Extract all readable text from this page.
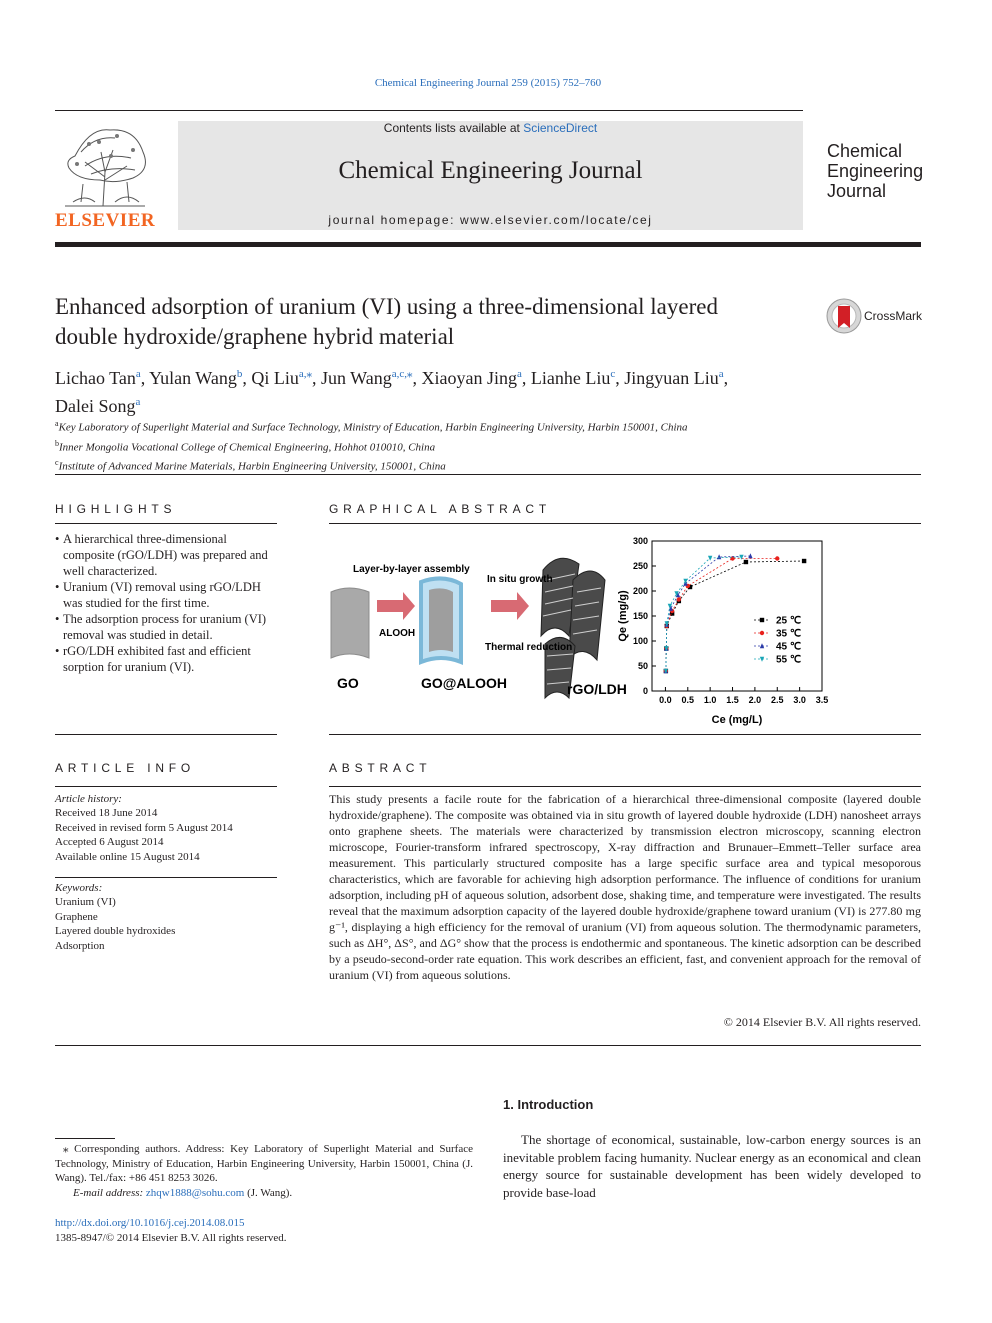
Chemical Engineering Journal 259 (2015) 752–760
ELSEVIER
Contents lists available at ScienceDirect
Chemical Engineering Journal
journal homepage: www.elsevier.com/locate/cej
Chemical
Engineering
Journal
Enhanced adsorption of uranium (VI) using a three-dimensional layered
double hydroxide/graphene hybrid material
CrossMark
Lichao Tan$^a$, Yulan Wang$^b$, Qi Liu$^{a,⁎}$, Jun Wang$^{a,c,⁎}$, Xiaoyan Jing$^a$, Lianhe Liu$^c$, Jingyuan Liu$^a$,
Dalei Song$^a$
$^a$Key Laboratory of Superlight Material and Surface Technology, Ministry of Education, Harbin Engineering University, Harbin 150001, China
$^b$Inner Mongolia Vocational College of Chemical Engineering, Hohhot 010010, China
$^c$Institute of Advanced Marine Materials, Harbin Engineering University, 150001, China
HIGHLIGHTS
• A hierarchical three-dimensional composite (rGO/LDH) was prepared and well characterized.
• Uranium (VI) removal using rGO/LDH was studied for the first time.
• The adsorption process for uranium (VI) removal was studied in detail.
• rGO/LDH exhibited fast and efficient sorption for uranium (VI).
GRAPHICAL ABSTRACT
Layer-by-layer assembly
ALOOH
In situ growth
Thermal reduction
GO	GO@ALOOH	rGO/LDH 0
50
100
150
200
250
300
0.0 0.5 1.0 1.5 2.0 2.5 3.0 3.5
25 ℃
35 ℃
45 ℃
55 ℃
Ce (mg/L)
Qe (mg/g)
ARTICLE INFO
Article history:
Received 18 June 2014
Received in revised form 5 August 2014
Accepted 6 August 2014
Available online 15 August 2014
Keywords:
Uranium (VI)
Graphene
Layered double hydroxides
Adsorption
ABSTRACT
This study presents a facile route for the fabrication of a hierarchical three-dimensional composite (layered double hydroxide/graphene). The composite was obtained via in situ growth of layered double hydroxide (LDH) nanosheet arrays onto graphene sheets. The materials were characterized by transmission electron microscopy, scanning electron microscope, Fourier-transform infrared spectroscopy, X-ray diffraction and Brunauer–Emmett–Teller surface area measurement. This particularly structured composite has a large specific surface area and typical mesoporous characteristics, which are favorable for achieving high adsorption performance. The influence of conditions for uranium adsorption, including pH of aqueous solution, adsorbent dose, shaking time, and temperature were investigated. The results reveal that the maximum adsorption capacity of the layered double hydroxide/graphene toward uranium (VI) is 277.80 mg g⁻¹, displaying a high efficiency for the removal of uranium (VI) from aqueous solution. The thermodynamic parameters, such as ΔH°, ΔS°, and ΔG° show that the process is endothermic and spontaneous. The kinetic adsorption can be described by a pseudo-second-order rate equation. This work describes an efficient, fast, and convenient approach for the removal of uranium (VI) from aqueous solutions.
© 2014 Elsevier B.V. All rights reserved.
1. Introduction
The shortage of economical, sustainable, low-carbon energy sources is an inevitable problem facing humanity. Nuclear energy as an economical and clean energy source for sustainable development has been widely developed to provide base-load
⁎ Corresponding authors. Address: Key Laboratory of Superlight Material and Surface Technology, Ministry of Education, Harbin Engineering University, Harbin 150001, China (J. Wang). Tel./fax: +86 451 8253 3026.
E-mail address: zhqw1888@sohu.com (J. Wang).
http://dx.doi.org/10.1016/j.cej.2014.08.015
1385-8947/© 2014 Elsevier B.V. All rights reserved.
